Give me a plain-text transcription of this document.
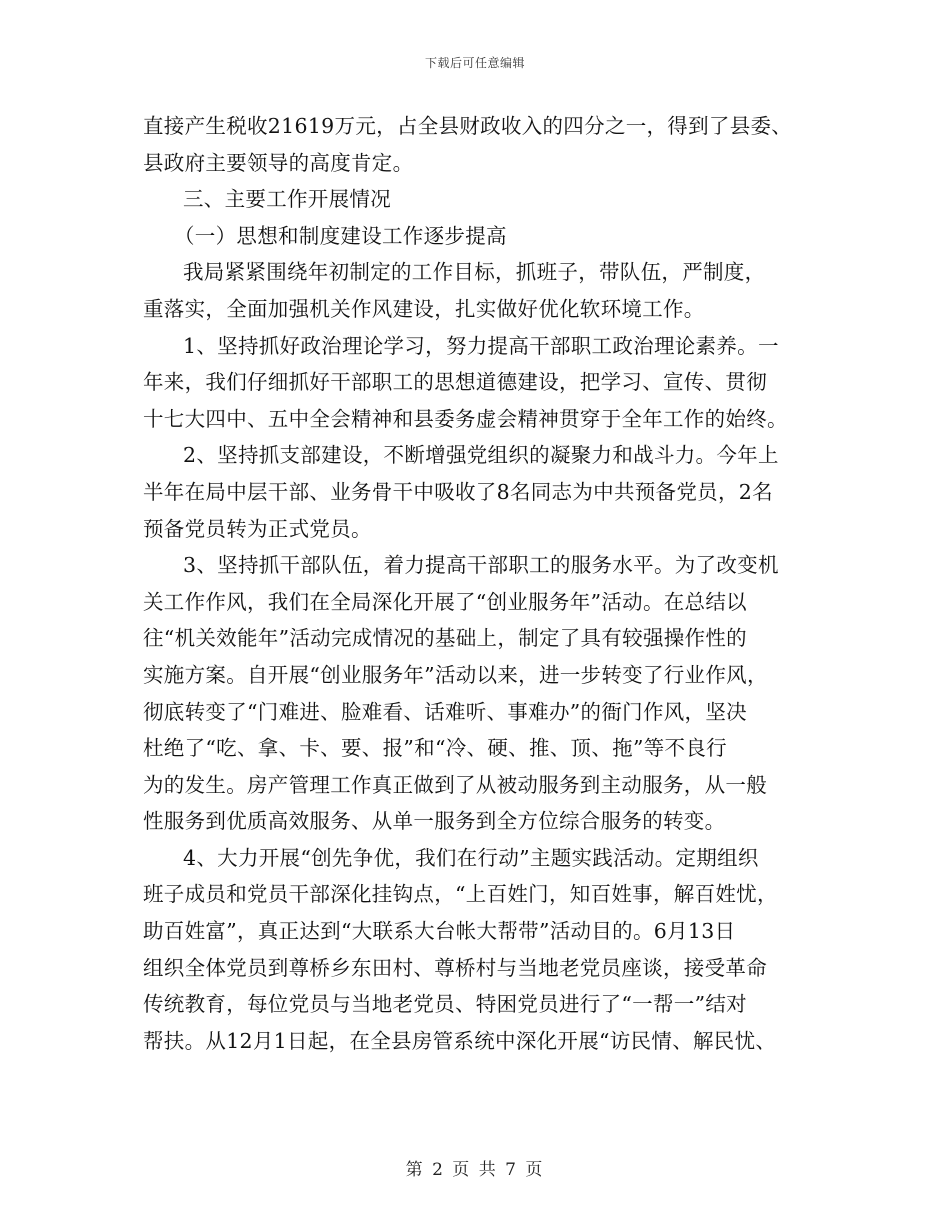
下载后可任意编辑
直接产生税收21619万元，占全县财政收入的四分之一，得到了县委、
县政府主要领导的高度肯定。
三、主要工作开展情况
（一）思想和制度建设工作逐步提高
我局紧紧围绕年初制定的工作目标，抓班子，带队伍，严制度，
重落实，全面加强机关作风建设，扎实做好优化软环境工作。
1、坚持抓好政治理论学习，努力提高干部职工政治理论素养。一
年来，我们仔细抓好干部职工的思想道德建设，把学习、宣传、贯彻
十七大四中、五中全会精神和县委务虚会精神贯穿于全年工作的始终。
2、坚持抓支部建设，不断增强党组织的凝聚力和战斗力。今年上
半年在局中层干部、业务骨干中吸收了8名同志为中共预备党员，2名
预备党员转为正式党员。
3、坚持抓干部队伍，着力提高干部职工的服务水平。为了改变机
关工作作风，我们在全局深化开展了“创业服务年”活动。在总结以
往“机关效能年”活动完成情况的基础上，制定了具有较强操作性的
实施方案。自开展“创业服务年”活动以来，进一步转变了行业作风，
彻底转变了“门难进、脸难看、话难听、事难办”的衙门作风，坚决
杜绝了“吃、拿、卡、要、报”和“冷、硬、推、顶、拖”等不良行
为的发生。房产管理工作真正做到了从被动服务到主动服务，从一般
性服务到优质高效服务、从单一服务到全方位综合服务的转变。
4、大力开展“创先争优，我们在行动”主题实践活动。定期组织
班子成员和党员干部深化挂钩点，“上百姓门，知百姓事，解百姓忧，
助百姓富”，真正达到“大联系大台帐大帮带”活动目的。6月13日
组织全体党员到尊桥乡东田村、尊桥村与当地老党员座谈，接受革命
传统教育，每位党员与当地老党员、特困党员进行了“一帮一”结对
帮扶。从12月1日起，在全县房管系统中深化开展“访民情、解民忧、
第 2 页 共 7 页
